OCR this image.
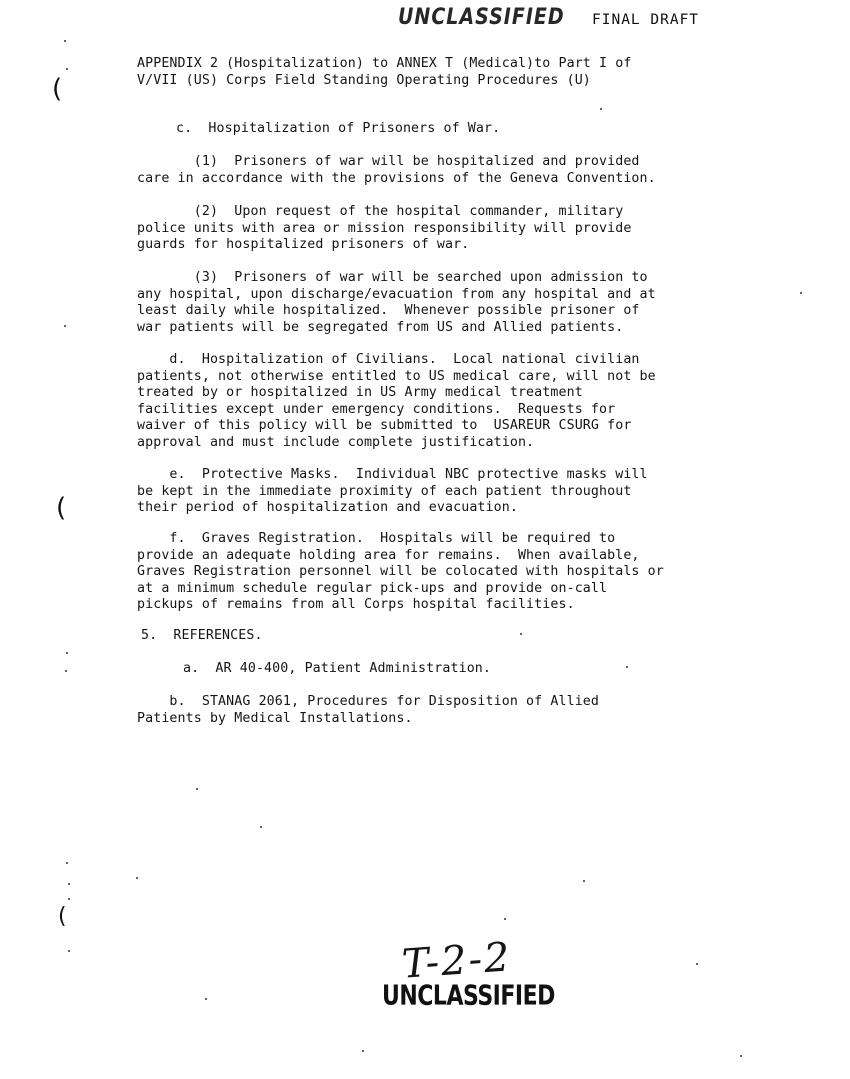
UNCLASSIFIED FINAL DRAFT

APPENDIX 2 (Hospitalization) to ANNEX T (Medical)to Part I of
V/VII (US) Corps Field Standing Operating Procedures (U)

c.  Hospitalization of Prisoners of War.

(1)  Prisoners of war will be hospitalized and provided
care in accordance with the provisions of the Geneva Convention.

(2)  Upon request of the hospital commander, military
police units with area or mission responsibility will provide
guards for hospitalized prisoners of war.

(3)  Prisoners of war will be searched upon admission to
any hospital, upon discharge/evacuation from any hospital and at
least daily while hospitalized.  Whenever possible prisoner of
war patients will be segregated from US and Allied patients.

d.  Hospitalization of Civilians.  Local national civilian
patients, not otherwise entitled to US medical care, will not be
treated by or hospitalized in US Army medical treatment
facilities except under emergency conditions.  Requests for
waiver of this policy will be submitted to  USAREUR CSURG for
approval and must include complete justification.

e.  Protective Masks.  Individual NBC protective masks will
be kept in the immediate proximity of each patient throughout
their period of hospitalization and evacuation.

f.  Graves Registration.  Hospitals will be required to
provide an adequate holding area for remains.  When available,
Graves Registration personnel will be colocated with hospitals or
at a minimum schedule regular pick-ups and provide on-call
pickups of remains from all Corps hospital facilities.

5.  REFERENCES.

a.  AR 40-400, Patient Administration.

b.  STANAG 2061, Procedures for Disposition of Allied
Patients by Medical Installations.

T-2-2
UNCLASSIFIED
(
(
(
